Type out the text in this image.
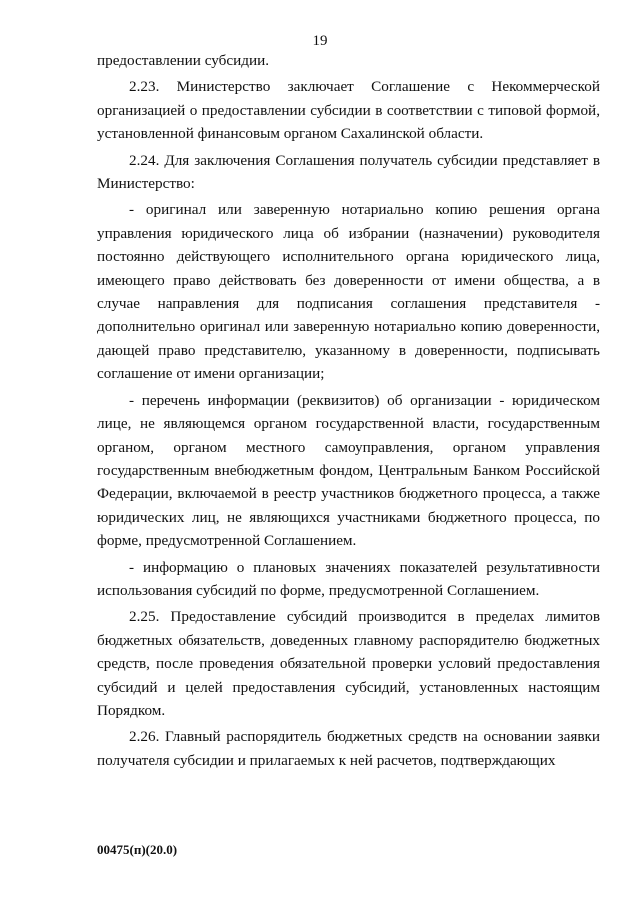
19

предоставлении субсидии.

2.23. Министерство заключает Соглашение с Некоммерческой организацией о предоставлении субсидии в соответствии с типовой формой, установленной финансовым органом Сахалинской области.

2.24. Для заключения Соглашения получатель субсидии представляет в Министерство:

- оригинал или заверенную нотариально копию решения органа управления юридического лица об избрании (назначении) руководителя постоянно действующего исполнительного органа юридического лица, имеющего право действовать без доверенности от имени общества, а в случае направления для подписания соглашения представителя - дополнительно оригинал или заверенную нотариально копию доверенности, дающей право представителю, указанному в доверенности, подписывать соглашение от имени организации;

- перечень информации (реквизитов) об организации - юридическом лице, не являющемся органом государственной власти, государственным органом, органом местного самоуправления, органом управления государственным внебюджетным фондом, Центральным Банком Российской Федерации, включаемой в реестр участников бюджетного процесса, а также юридических лиц, не являющихся участниками бюджетного процесса, по форме, предусмотренной Соглашением.

- информацию о плановых значениях показателей результативности использования субсидий по форме, предусмотренной Соглашением.

2.25. Предоставление субсидий производится в пределах лимитов бюджетных обязательств, доведенных главному распорядителю бюджетных средств, после проведения обязательной проверки условий предоставления субсидий и целей предоставления субсидий, установленных настоящим Порядком.

2.26. Главный распорядитель бюджетных средств на основании заявки получателя субсидии и прилагаемых к ней расчетов, подтверждающих

00475(п)(20.0)
